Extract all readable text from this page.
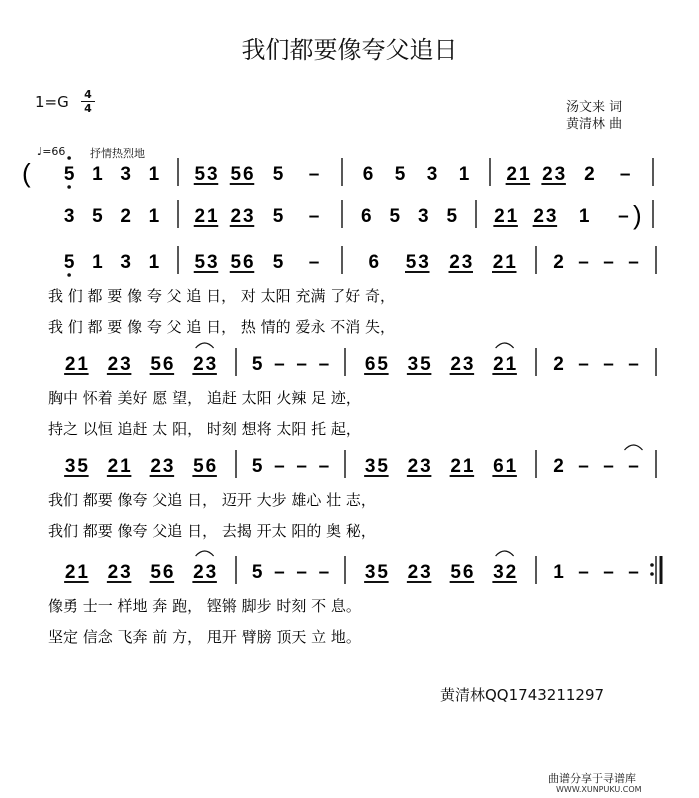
我们都要像夸父追日
$1=G \frac{4}{4}$	汤文来 词
黄清林 曲
♩=66 抒情热烈地
( 5 1 3 1 5 3 5 6 5 – 6 5 3 1 2 1 2 3 2 –
)
3 5 2 1 2 1 2 3 5 – 6 5 3 5 2 1 2 3 1 –
5 1 3 1 5 3 5 6 5 –	6 5 3 2 3 2 1 2 – – –
我 们 都 要 像 夸 父 追 日， 对 太阳 充满 了好 奇，
我 们 都 要 像 夸 父 追 日， 热 情的 爱永 不消 失，
2 1 2 3 5 6 2 3 5 – – – 6 5 3 5 2 3 2 1 2 – – –
胸中 怀着 美好 愿 望， 追赶 太阳 火辣 足 迹，
持之 以恒 追赶 太 阳， 时刻 想将 太阳 托 起，
3 5 2 1 2 3 5 6 5 – – – 3 5 2 3 2 1 6 1 2 – – –
我们 都要 像夸 父追 日， 迈开 大步 雄心 壮 志，
我们 都要 像夸 父追 日， 去揭 开太 阳的 奥 秘，
2 1 2 3 5 6 2 3 5 – – – 3 5 2 3 5 6 3 2 1 – – –
像勇 士一 样地 奔 跑， 铿锵 脚步 时刻 不 息。
坚定 信念 飞奔 前 方， 甩开 臂膀 顶天 立 地。
黄清林QQ1743211297
曲谱分享于寻谱库
WWW.XUNPUKU.COM
